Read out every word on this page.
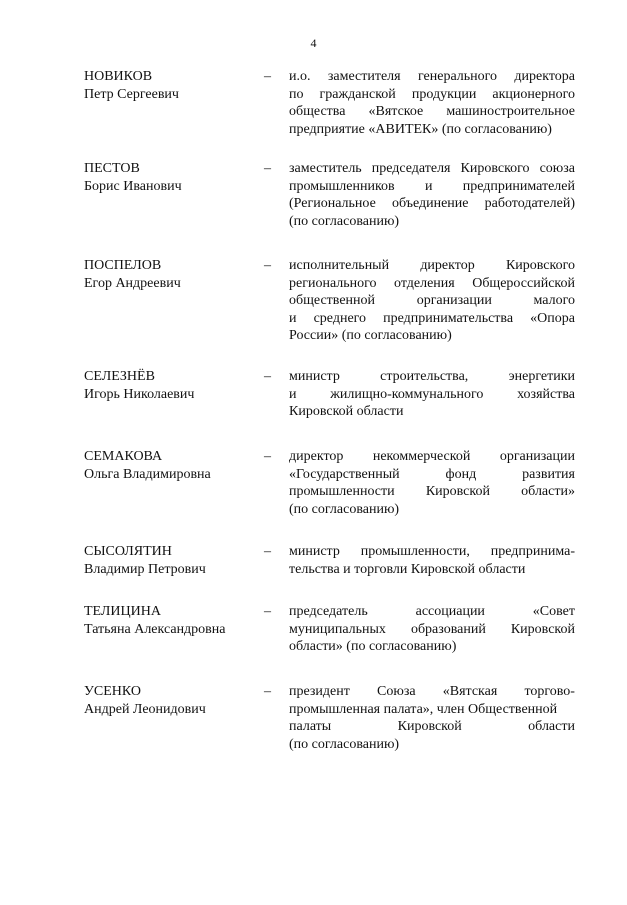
4
НОВИКОВ
Петр Сергеевич
– и.о. заместителя генерального директора
по гражданской продукции акционерного
общества «Вятское машиностроительное
предприятие «АВИТЕК» (по согласованию)
ПЕСТОВ
Борис Иванович
– заместитель председателя Кировского союза
промышленников и предпринимателей
(Региональное объединение работодателей)
(по согласованию)
ПОСПЕЛОВ
Егор Андреевич
– исполнительный директор Кировского
регионального отделения Общероссийской
общественной	организации	малого
и среднего предпринимательства «Опора
России» (по согласованию)
СЕЛЕЗНЁВ
Игорь Николаевич
– министр	строительства,	энергетики
и жилищно-коммунального хозяйства
Кировской области
СЕМАКОВА
Ольга Владимировна
– директор некоммерческой организации
«Государственный	фонд	развития
промышленности Кировской области»
(по согласованию)
СЫСОЛЯТИН
Владимир Петрович
– министр промышленности, предпринима-
тельства и торговли Кировской области
ТЕЛИЦИНА
Татьяна Александровна
– председатель	ассоциации	«Совет
муниципальных образований Кировской
области» (по согласованию)
УСЕНКО
Андрей Леонидович
– президент Союза «Вятская торгово-
промышленная палата», член Общественной
палаты	Кировской	области
(по согласованию)
